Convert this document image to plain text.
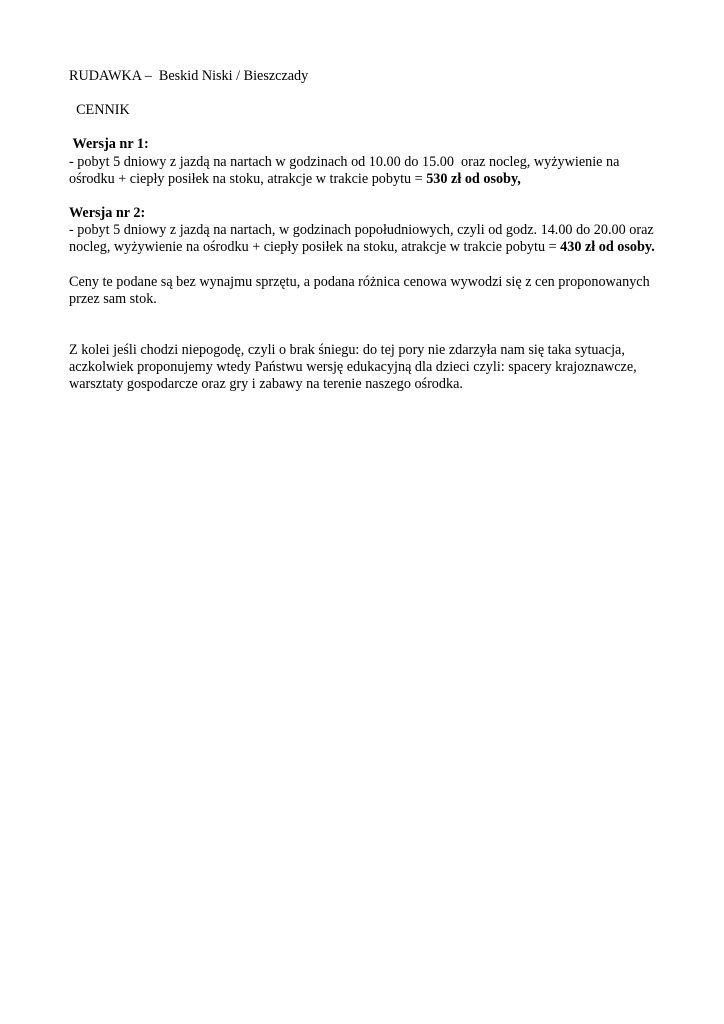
RUDAWKA –  Beskid Niski / Bieszczady

CENNIK

Wersja nr 1:

- pobyt 5 dniowy z jazdą na nartach w godzinach od 10.00 do 15.00  oraz nocleg, wyżywienie na ośrodku + ciepły posiłek na stoku, atrakcje w trakcie pobytu = 530 zł od osoby,

Wersja nr 2:

- pobyt 5 dniowy z jazdą na nartach, w godzinach popołudniowych, czyli od godz. 14.00 do 20.00 oraz nocleg, wyżywienie na ośrodku + ciepły posiłek na stoku, atrakcje w trakcie pobytu = 430 zł od osoby.

Ceny te podane są bez wynajmu sprzętu, a podana różnica cenowa wywodzi się z cen proponowanych przez sam stok.

Z kolei jeśli chodzi niepogodę, czyli o brak śniegu: do tej pory nie zdarzyła nam się taka sytuacja, aczkolwiek proponujemy wtedy Państwu wersję edukacyjną dla dzieci czyli: spacery krajoznawcze, warsztaty gospodarcze oraz gry i zabawy na terenie naszego ośrodka.
